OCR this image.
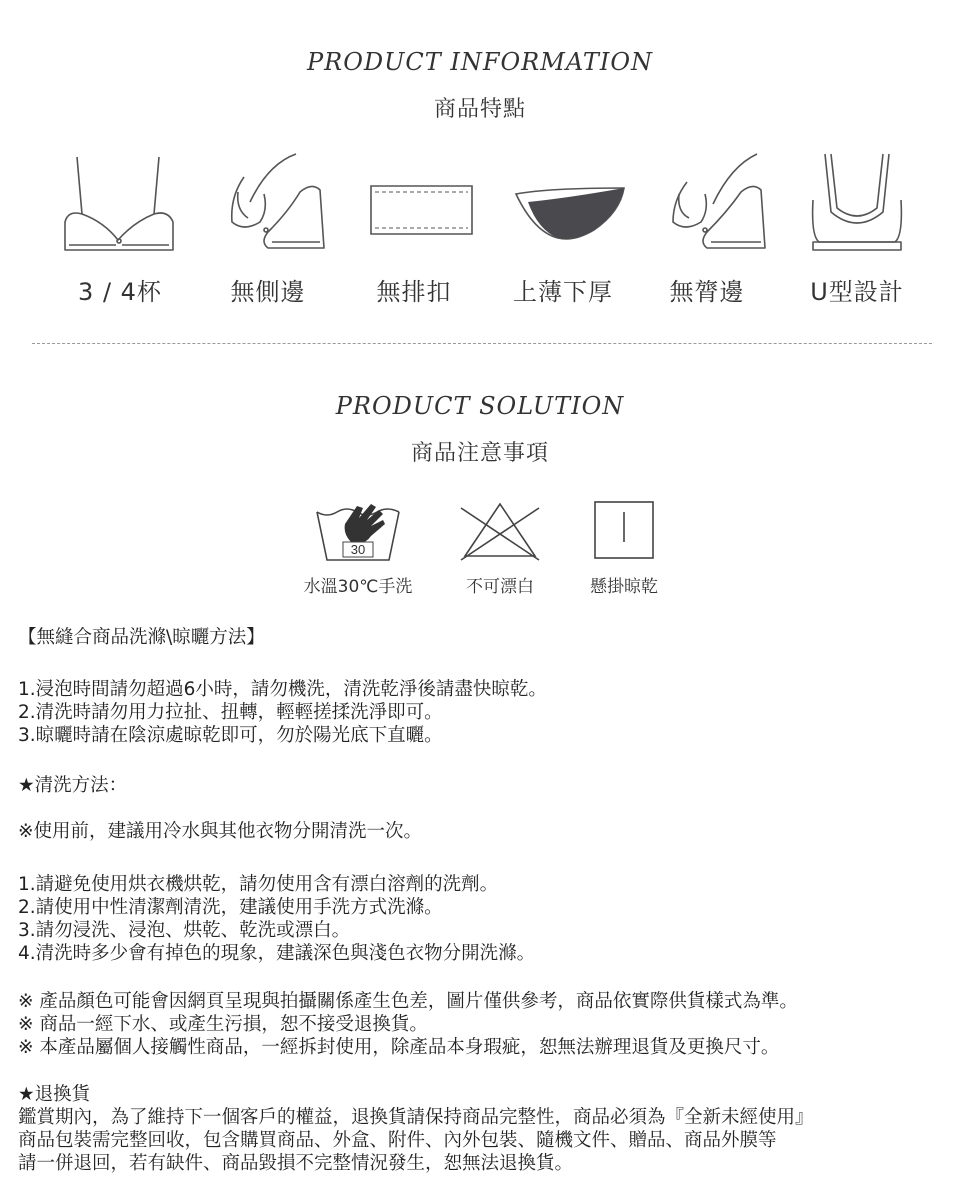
PRODUCT INFORMATION
商品特點
3 / 4杯	無側邊	無排扣	上薄下厚	無膂邊	U型設計
PRODUCT SOLUTION
商品注意事項
30
水溫30℃手洗	不可漂白	懸掛晾乾
【無縫合商品洗滌\晾曬方法】
1.浸泡時間請勿超過6小時，請勿機洗，清洗乾淨後請盡快晾乾。
2.清洗時請勿用力拉扯、扭轉，輕輕搓揉洗淨即可。
3.晾曬時請在陰涼處晾乾即可，勿於陽光底下直曬。
★清洗方法：
※使用前，建議用冷水與其他衣物分開清洗一次。
1.請避免使用烘衣機烘乾，請勿使用含有漂白溶劑的洗劑。
2.請使用中性清潔劑清洗，建議使用手洗方式洗滌。
3.請勿浸洗、浸泡、烘乾、乾洗或漂白。
4.清洗時多少會有掉色的現象，建議深色與淺色衣物分開洗滌。
※ 產品顏色可能會因網頁呈現與拍攝關係產生色差，圖片僅供參考，商品依實際供貨樣式為準。
※ 商品一經下水、或產生污損，恕不接受退換貨。
※ 本產品屬個人接觸性商品，一經拆封使用，除產品本身瑕疵，恕無法辦理退貨及更換尺寸。
★退換貨
鑑賞期內，為了維持下一個客戶的權益，退換貨請保持商品完整性，商品必須為『全新未經使用』
商品包裝需完整回收，包含購買商品、外盒、附件、內外包裝、隨機文件、贈品、商品外膜等
請一併退回，若有缺件、商品毀損不完整情況發生，恕無法退換貨。
